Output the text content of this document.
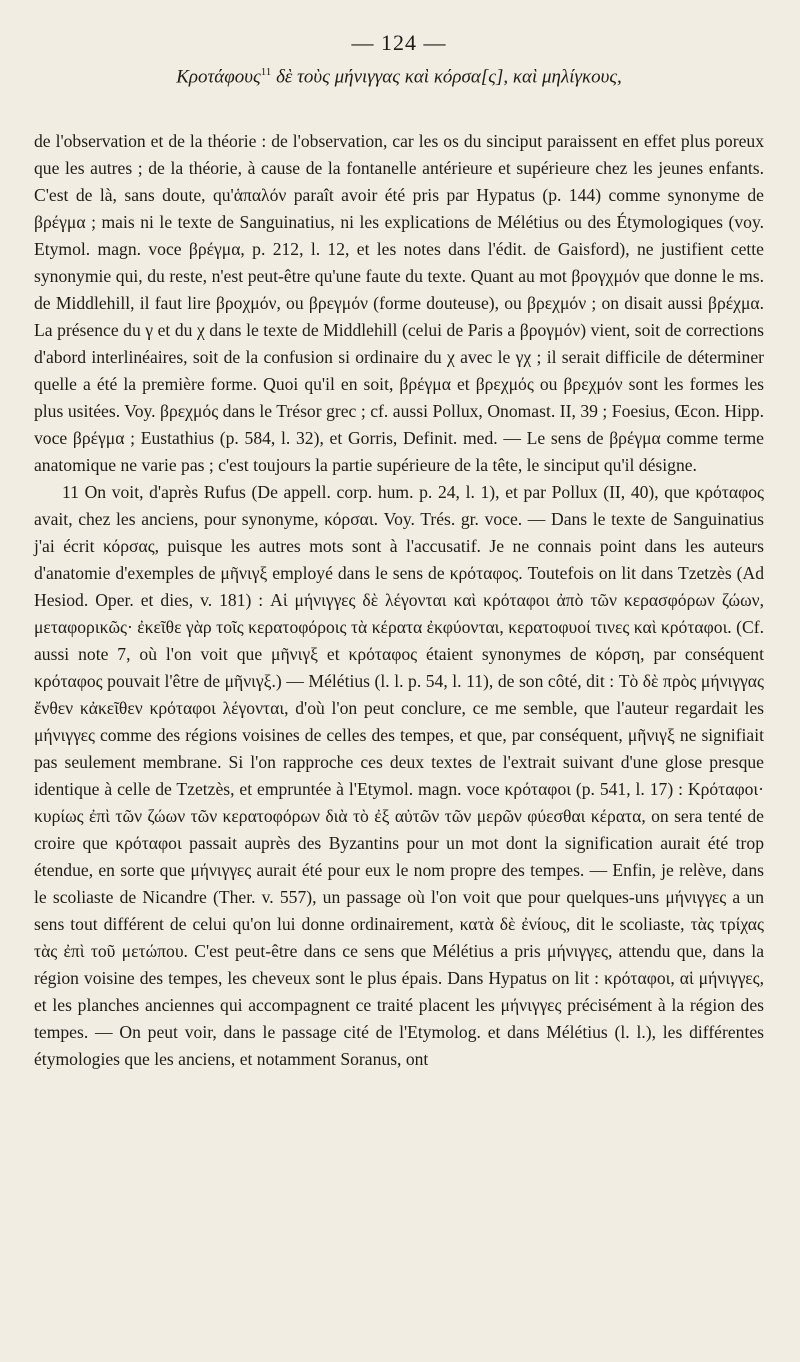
— 124 —
Κροτάφους$^{11}$ δὲ τοὺς μήνιγγας καὶ κόρσα[ς], καὶ μηλίγκους,

de l'observation et de la théorie : de l'observation, car les os du sinciput paraissent en effet plus poreux que les autres ; de la théorie, à cause de la fontanelle antérieure et supérieure chez les jeunes enfants. C'est de là, sans doute, qu'ἁπαλόν paraît avoir été pris par Hypatus (p. 144) comme synonyme de βρέγμα ; mais ni le texte de Sanguinatius, ni les explications de Mélétius ou des Étymologiques (voy. Etymol. magn. voce βρέγμα, p. 212, l. 12, et les notes dans l'édit. de Gaisford), ne justifient cette synonymie qui, du reste, n'est peut-être qu'une faute du texte. Quant au mot βρογχμόν que donne le ms. de Middlehill, il faut lire βροχμόν, ou βρεγμόν (forme douteuse), ou βρεχμόν ; on disait aussi βρέχμα. La présence du γ et du χ dans le texte de Middlehill (celui de Paris a βρογμόν) vient, soit de corrections d'abord interlinéaires, soit de la confusion si ordinaire du χ avec le γχ ; il serait difficile de déterminer quelle a été la première forme. Quoi qu'il en soit, βρέγμα et βρεχμός ou βρεχμόν sont les formes les plus usitées. Voy. βρεχμός dans le Trésor grec ; cf. aussi Pollux, Onomast. II, 39 ; Foesius, Œcon. Hipp. voce βρέγμα ; Eustathius (p. 584, l. 32), et Gorris, Definit. med. — Le sens de βρέγμα comme terme anatomique ne varie pas ; c'est toujours la partie supérieure de la tête, le sinciput qu'il désigne.

11 On voit, d'après Rufus (De appell. corp. hum. p. 24, l. 1), et par Pollux (II, 40), que κρόταφος avait, chez les anciens, pour synonyme, κόρσαι. Voy. Trés. gr. voce. — Dans le texte de Sanguinatius j'ai écrit κόρσας, puisque les autres mots sont à l'accusatif. Je ne connais point dans les auteurs d'anatomie d'exemples de μῆνιγξ employé dans le sens de κρόταφος. Toutefois on lit dans Tzetzès (Ad Hesiod. Oper. et dies, v. 181) : Αἱ μήνιγγες δὲ λέγονται καὶ κρόταφοι ἀπὸ τῶν κερασφόρων ζώων, μεταφορικῶς· ἐκεῖθε γὰρ τοῖς κερατοφόροις τὰ κέρατα ἐκφύονται, κερατοφυοί τινες καὶ κρόταφοι. (Cf. aussi note 7, où l'on voit que μῆνιγξ et κρόταφος étaient synonymes de κόρση, par conséquent κρόταφος pouvait l'être de μῆνιγξ.) — Mélétius (l. l. p. 54, l. 11), de son côté, dit : Τὸ δὲ πρὸς μήνιγγας ἔνθεν κἀκεῖθεν κρόταφοι λέγονται, d'où l'on peut conclure, ce me semble, que l'auteur regardait les μήνιγγες comme des régions voisines de celles des tempes, et que, par conséquent, μῆνιγξ ne signifiait pas seulement membrane. Si l'on rapproche ces deux textes de l'extrait suivant d'une glose presque identique à celle de Tzetzès, et empruntée à l'Etymol. magn. voce κρόταφοι (p. 541, l. 17) : Κρόταφοι· κυρίως ἐπὶ τῶν ζώων τῶν κερατοφόρων διὰ τὸ ἐξ αὐτῶν τῶν μερῶν φύεσθαι κέρατα, on sera tenté de croire que κρόταφοι passait auprès des Byzantins pour un mot dont la signification aurait été trop étendue, en sorte que μήνιγγες aurait été pour eux le nom propre des tempes. — Enfin, je relève, dans le scoliaste de Nicandre (Ther. v. 557), un passage où l'on voit que pour quelques-uns μήνιγγες a un sens tout différent de celui qu'on lui donne ordinairement, κατὰ δὲ ἐνίους, dit le scoliaste, τὰς τρίχας τὰς ἐπὶ τοῦ μετώπου. C'est peut-être dans ce sens que Mélétius a pris μήνιγγες, attendu que, dans la région voisine des tempes, les cheveux sont le plus épais. Dans Hypatus on lit : κρόταφοι, αἱ μήνιγγες, et les planches anciennes qui accompagnent ce traité placent les μήνιγγες précisément à la région des tempes. — On peut voir, dans le passage cité de l'Etymolog. et dans Mélétius (l. l.), les différentes étymologies que les anciens, et notamment Soranus, ont
